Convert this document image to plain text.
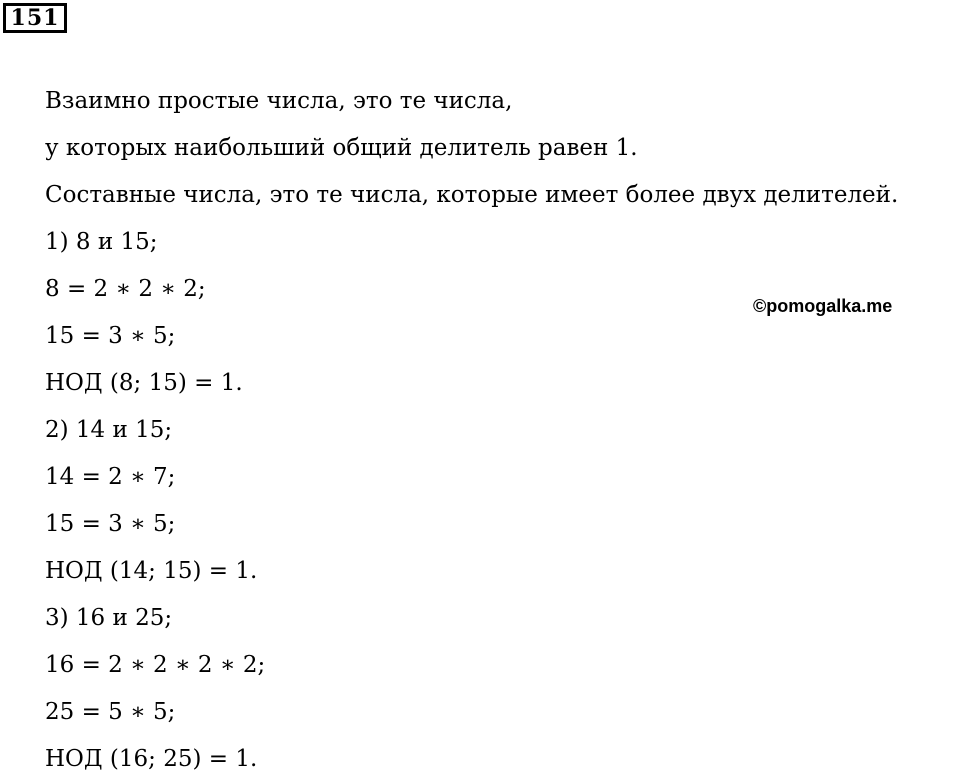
151
Взаимно простые числа, это те числа,
у которых наибольший общий делитель равен 1.
Составные числа, это те числа, которые имеет более двух делителей.
1) 8 и 15;
8 = 2 ∗ 2 ∗ 2;
15 = 3 ∗ 5;
НОД (8; 15) = 1.
2) 14 и 15;
14 = 2 ∗ 7;
15 = 3 ∗ 5;
НОД (14; 15) = 1.
3) 16 и 25;
16 = 2 ∗ 2 ∗ 2 ∗ 2;
25 = 5 ∗ 5;
НОД (16; 25) = 1.
©pomogalka.me
